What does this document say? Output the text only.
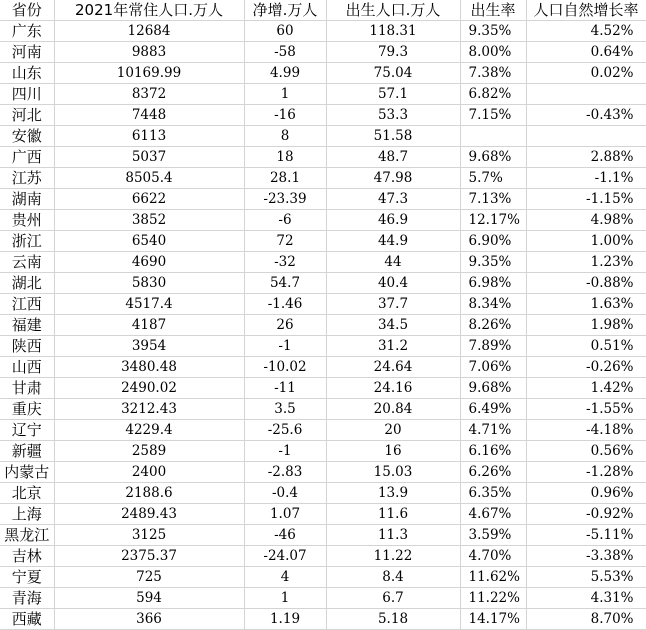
省份	2021年常住人口.万人	净增.万人	出生人口.万人	出生率	人口自然增长率
广东	12684	60	118.31	9.35%	4.52%
河南	9883	-58	79.3	8.00%	0.64%
山东	10169.99	4.99	75.04	7.38%	0.02%
四川	8372	1	57.1	6.82%	
河北	7448	-16	53.3	7.15%	-0.43%
安徽	6113	8	51.58		
广西	5037	18	48.7	9.68%	2.88%
江苏	8505.4	28.1	47.98	5.7%	-1.1%
湖南	6622	-23.39	47.3	7.13%	-1.15%
贵州	3852	-6	46.9	12.17%	4.98%
浙江	6540	72	44.9	6.90%	1.00%
云南	4690	-32	44	9.35%	1.23%
湖北	5830	54.7	40.4	6.98%	-0.88%
江西	4517.4	-1.46	37.7	8.34%	1.63%
福建	4187	26	34.5	8.26%	1.98%
陕西	3954	-1	31.2	7.89%	0.51%
山西	3480.48	-10.02	24.64	7.06%	-0.26%
甘肃	2490.02	-11	24.16	9.68%	1.42%
重庆	3212.43	3.5	20.84	6.49%	-1.55%
辽宁	4229.4	-25.6	20	4.71%	-4.18%
新疆	2589	-1	16	6.16%	0.56%
内蒙古	2400	-2.83	15.03	6.26%	-1.28%
北京	2188.6	-0.4	13.9	6.35%	0.96%
上海	2489.43	1.07	11.6	4.67%	-0.92%
黑龙江	3125	-46	11.3	3.59%	-5.11%
吉林	2375.37	-24.07	11.22	4.70%	-3.38%
宁夏	725	4	8.4	11.62%	5.53%
青海	594	1	6.7	11.22%	4.31%
西藏	366	1.19	5.18	14.17%	8.70%
